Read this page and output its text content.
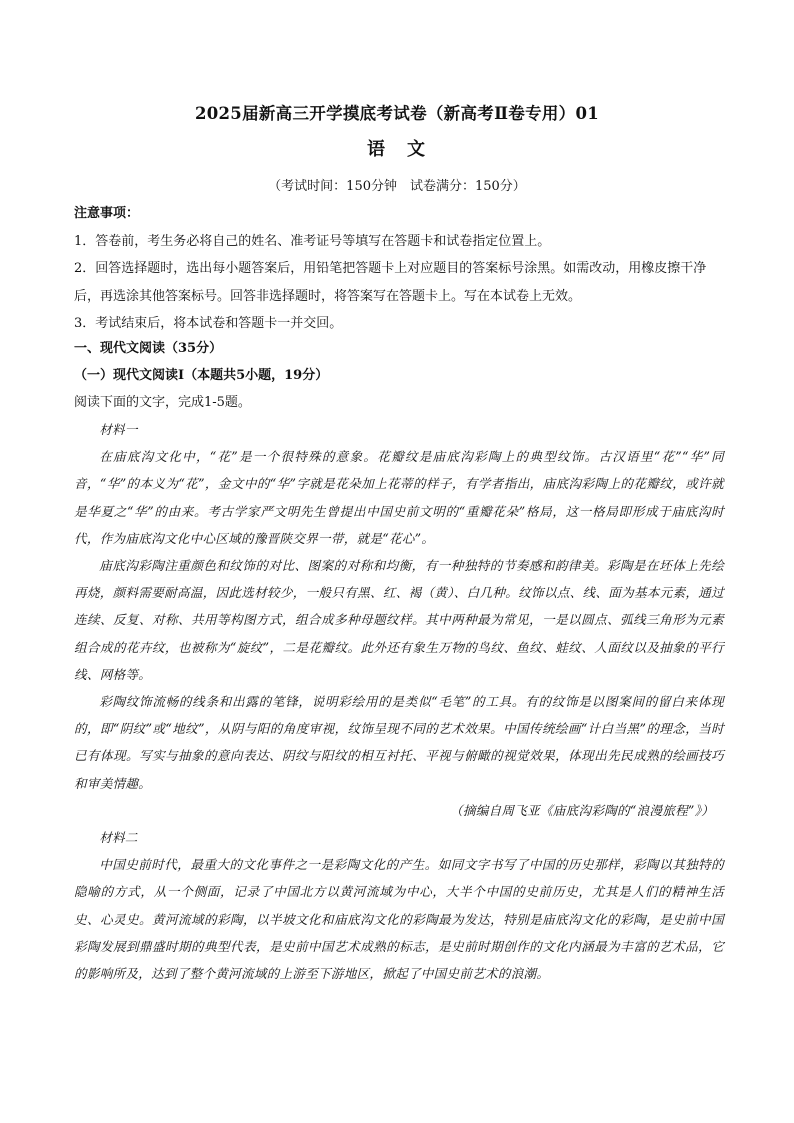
2025届新高三开学摸底考试卷（新高考Ⅱ卷专用）01
语　文
（考试时间：150分钟　试卷满分：150分）

注意事项：

1．答卷前，考生务必将自己的姓名、准考证号等填写在答题卡和试卷指定位置上。

2．回答选择题时，选出每小题答案后，用铅笔把答题卡上对应题目的答案标号涂黑。如需改动，用橡皮擦干净后，再选涂其他答案标号。回答非选择题时，将答案写在答题卡上。写在本试卷上无效。

3．考试结束后，将本试卷和答题卡一并交回。

一、现代文阅读（35分）

（一）现代文阅读Ⅰ（本题共5小题，19分）

阅读下面的文字，完成1-5题。

材料一

在庙底沟文化中，“花”是一个很特殊的意象。花瓣纹是庙底沟彩陶上的典型纹饰。古汉语里“花”“华”同音，“华”的本义为“花”，金文中的“华”字就是花朵加上花蒂的样子，有学者指出，庙底沟彩陶上的花瓣纹，或许就是华夏之“华”的由来。考古学家严文明先生曾提出中国史前文明的“重瓣花朵”格局，这一格局即形成于庙底沟时代，作为庙底沟文化中心区域的豫晋陕交界一带，就是“花心”。

庙底沟彩陶注重颜色和纹饰的对比、图案的对称和均衡，有一种独特的节奏感和韵律美。彩陶是在坯体上先绘再烧，颜料需要耐高温，因此选材较少，一般只有黑、红、褐（黄）、白几种。纹饰以点、线、面为基本元素，通过连续、反复、对称、共用等构图方式，组合成多种母题纹样。其中两种最为常见，一是以圆点、弧线三角形为元素组合成的花卉纹，也被称为“旋纹”，二是花瓣纹。此外还有象生万物的鸟纹、鱼纹、蛙纹、人面纹以及抽象的平行线、网格等。

彩陶纹饰流畅的线条和出露的笔锋，说明彩绘用的是类似“毛笔”的工具。有的纹饰是以图案间的留白来体现的，即“阴纹”或“地纹”，从阴与阳的角度审视，纹饰呈现不同的艺术效果。中国传统绘画“计白当黑”的理念，当时已有体现。写实与抽象的意向表达、阴纹与阳纹的相互衬托、平视与俯瞰的视觉效果，体现出先民成熟的绘画技巧和审美情趣。

（摘编自周飞亚《庙底沟彩陶的“浪漫旅程”》）

材料二

中国史前时代，最重大的文化事件之一是彩陶文化的产生。如同文字书写了中国的历史那样，彩陶以其独特的隐喻的方式，从一个侧面，记录了中国北方以黄河流域为中心，大半个中国的史前历史，尤其是人们的精神生活史、心灵史。黄河流域的彩陶，以半坡文化和庙底沟文化的彩陶最为发达，特别是庙底沟文化的彩陶，是史前中国彩陶发展到鼎盛时期的典型代表，是史前中国艺术成熟的标志，是史前时期创作的文化内涵最为丰富的艺术品，它的影响所及，达到了整个黄河流域的上游至下游地区，掀起了中国史前艺术的浪潮。
